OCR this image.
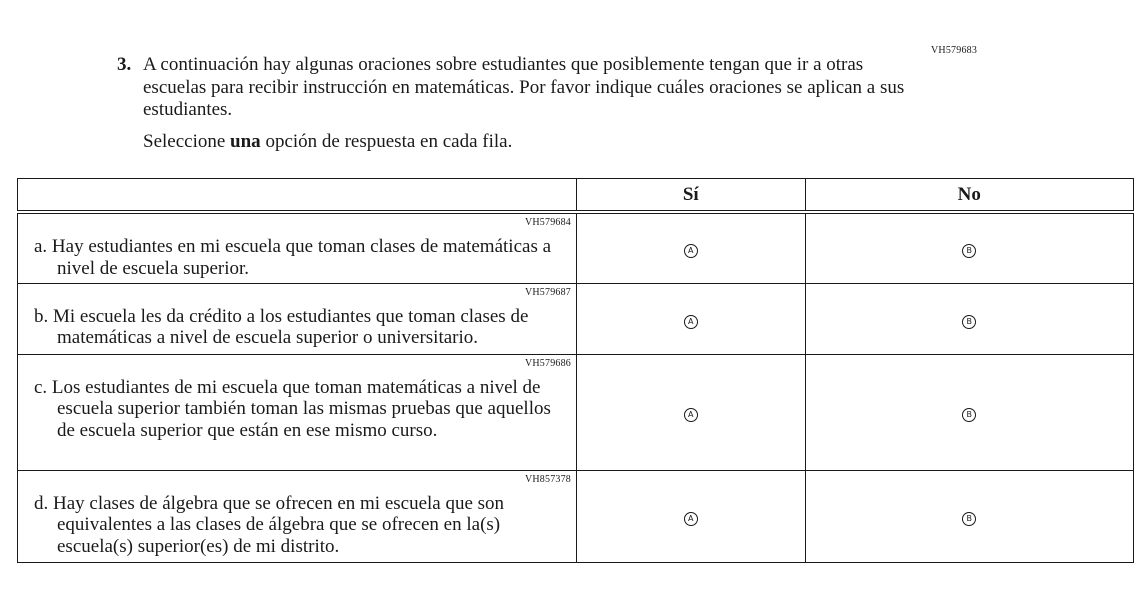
VH579683
3. A continuación hay algunas oraciones sobre estudiantes que posiblemente tengan que ir a otras escuelas para recibir instrucción en matemáticas. Por favor indique cuáles oraciones se aplican a sus estudiantes.
Seleccione una opción de respuesta en cada fila.
	Sí	No

VH579684
a. Hay estudiantes en mi escuela que toman clases de matemáticas a nivel de escuela superior.	A	B

VH579687
b. Mi escuela les da crédito a los estudiantes que toman clases de matemáticas a nivel de escuela superior o universitario.	A	B

VH579686
c. Los estudiantes de mi escuela que toman matemáticas a nivel de escuela superior también toman las mismas pruebas que aquellos de escuela superior que están en ese mismo curso.	A	B

VH857378
d. Hay clases de álgebra que se ofrecen en mi escuela que son equivalentes a las clases de álgebra que se ofrecen en la(s) escuela(s) superior(es) de mi distrito.	A	B
